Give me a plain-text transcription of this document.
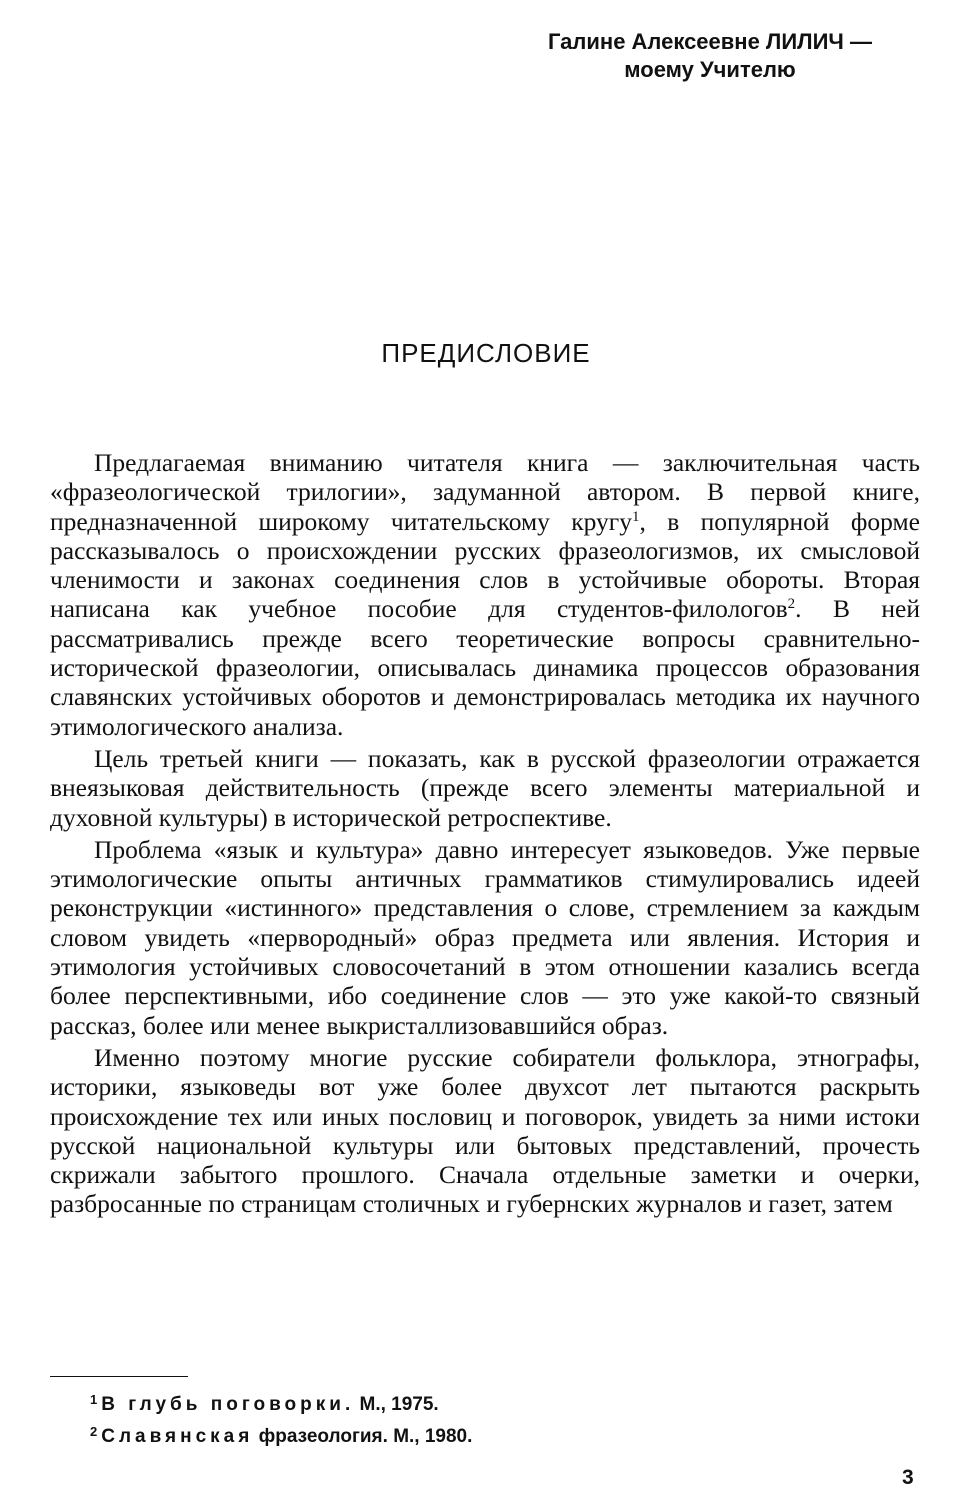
Галине Алексеевне ЛИЛИЧ —
моему Учителю
ПРЕДИСЛОВИЕ

Предлагаемая вниманию читателя книга — заключительная часть «фразеологической трилогии», задуманной автором. В первой книге, предназначенной широкому читательскому кругу$^1$, в популярной форме рассказывалось о происхождении русских фразеологизмов, их смысловой членимости и законах соединения слов в устойчивые обороты. Вторая написана как учебное пособие для студентов-филологов$^2$. В ней рассматривались прежде всего теоретические вопросы сравнительно-исторической фразеологии, описывалась динамика процессов образования славянских устойчивых оборотов и демонстрировалась методика их научного этимологического анализа.

Цель третьей книги — показать, как в русской фразеологии отражается внеязыковая действительность (прежде всего элементы материальной и духовной культуры) в исторической ретроспективе.

Проблема «язык и культура» давно интересует языковедов. Уже первые этимологические опыты античных грамматиков стимулировались идеей реконструкции «истинного» представления о слове, стремлением за каждым словом увидеть «первородный» образ предмета или явления. История и этимология устойчивых словосочетаний в этом отношении казались всегда более перспективными, ибо соединение слов — это уже какой-то связный рассказ, более или менее выкристаллизовавшийся образ.

Именно поэтому многие русские собиратели фольклора, этнографы, историки, языковеды вот уже более двухсот лет пытаются раскрыть происхождение тех или иных пословиц и поговорок, увидеть за ними истоки русской национальной культуры или бытовых представлений, прочесть скрижали забытого прошлого. Сначала отдельные заметки и очерки, разбросанные по страницам столичных и губернских журналов и газет, затем

$^1$ В глубь поговорки. М., 1975.
$^2$ Славянская фразеология. М., 1980.
3
